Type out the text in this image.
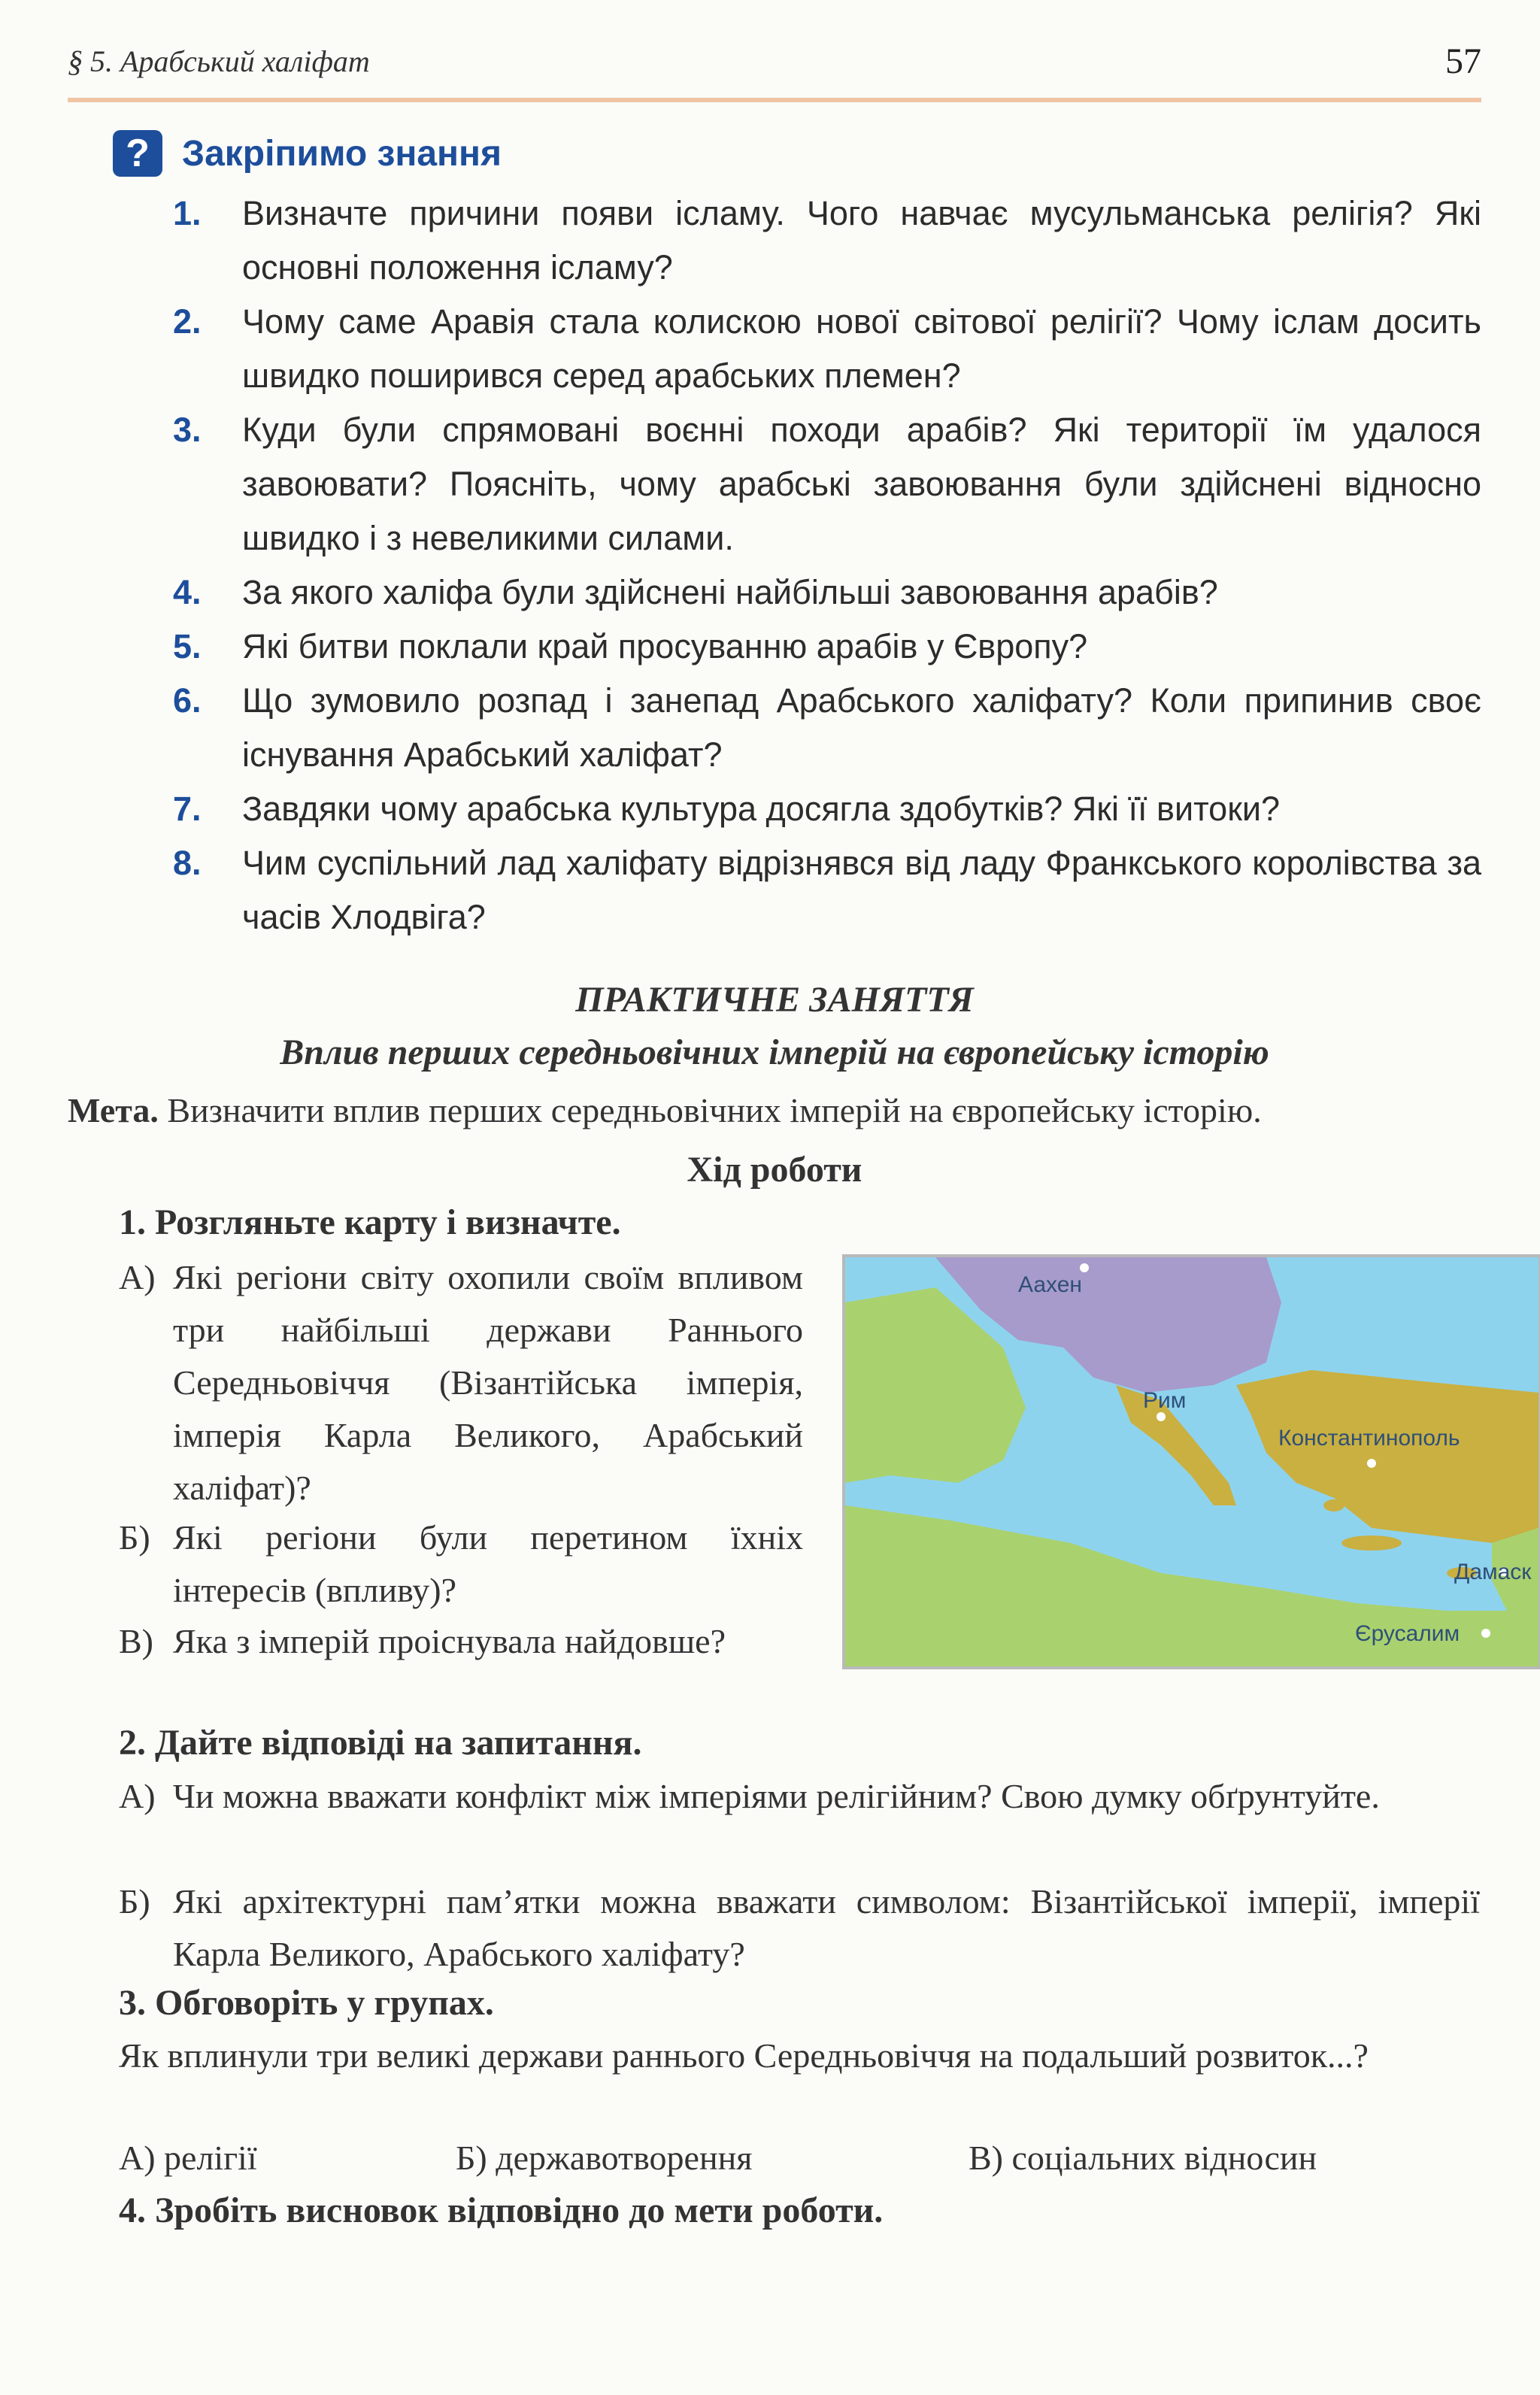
§ 5. Арабський халіфат	57
? Закріпимо знання
1.	Визначте причини появи ісламу. Чого навчає мусульманська релігія? Які основні положення ісламу?
2.	Чому саме Аравія стала колискою нової світової релігії? Чому іслам досить швидко поширився серед арабських племен?
3.	Куди були спрямовані воєнні походи арабів? Які території їм удалося завоювати? Поясніть, чому арабські завоювання були здійснені відносно швидко і з невеликими силами.
4.	За якого халіфа були здійснені найбільші завоювання арабів?
5.	Які битви поклали край просуванню арабів у Європу?
6.	Що зумовило розпад і занепад Арабського халіфату? Коли припинив своє існування Арабський халіфат?
7.	Завдяки чому арабська культура досягла здобутків? Які її витоки?
8.	Чим суспільний лад халіфату відрізнявся від ладу Франкського королівства за часів Хлодвіга?
ПРАКТИЧНЕ ЗАНЯТТЯ
Вплив перших середньовічних імперій на європейську історію
Мета. Визначити вплив перших середньовічних імперій на європейську історію.
Хід роботи
1. Розгляньте карту і визначте.
А) Які регіони світу охопили своїм впливом три найбільші держави Раннього Середньовіччя (Візантійська імперія, імперія Карла Великого, Арабський халіфат)?
Б) Які регіони були перетином їхніх інтересів (впливу)?
В) Яка з імперій проіснувала найдовше?
Аахен
Рим
Константинополь
Дамаск
Єрусалим
2. Дайте відповіді на запитання.
А) Чи можна вважати конфлікт між імперіями релігійним? Свою думку обґрунтуйте.
Б) Які архітектурні пам’ятки можна вважати символом: Візантійської імперії, імперії Карла Великого, Арабського халіфату?
3. Обговоріть у групах.
Як вплинули три великі держави раннього Середньовіччя на подальший розвиток...?
А) релігії	Б) державотворення	В) соціальних відносин
4. Зробіть висновок відповідно до мети роботи.
